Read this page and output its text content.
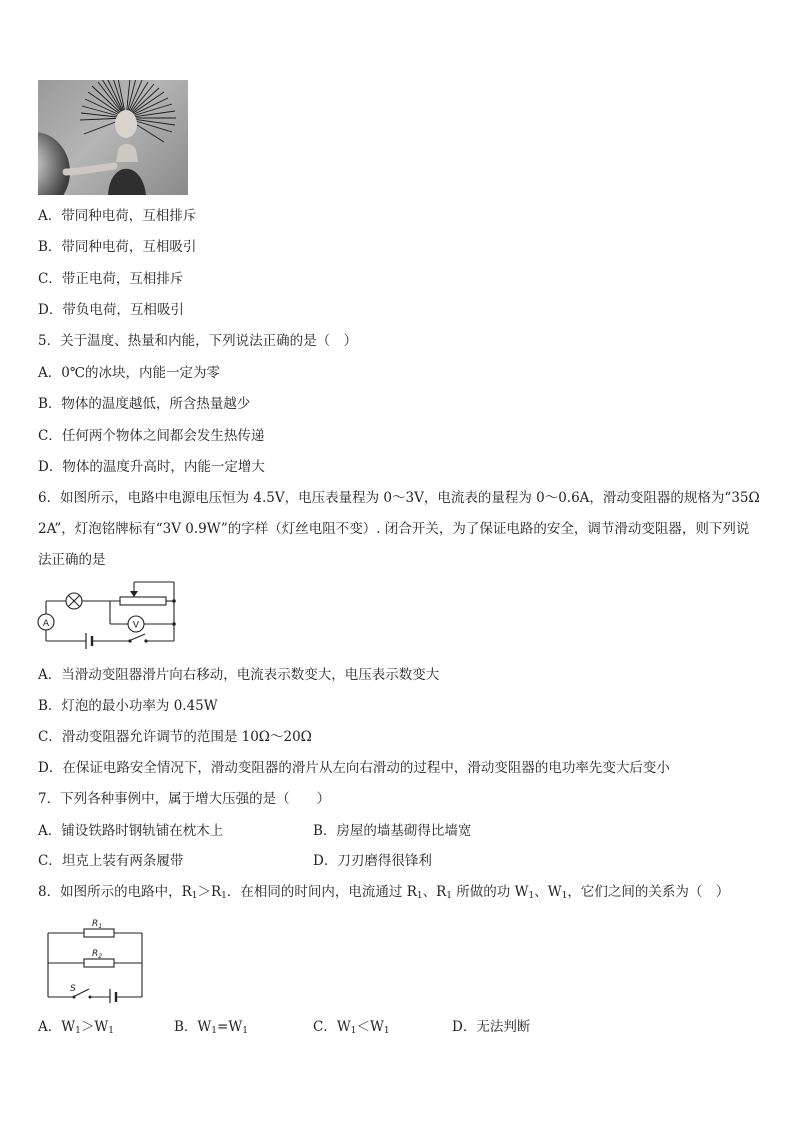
A．带同种电荷，互相排斥
B．带同种电荷，互相吸引
C．带正电荷，互相排斥
D．带负电荷，互相吸引
5．关于温度、热量和内能，下列说法正确的是（　）
A．0℃的冰块，内能一定为零
B．物体的温度越低，所含热量越少
C．任何两个物体之间都会发生热传递
D．物体的温度升高时，内能一定增大
6．如图所示，电路中电源电压恒为 4.5V，电压表量程为 0～3V，电流表的量程为 0～0.6A，滑动变阻器的规格为“35Ω
2A”，灯泡铭牌标有“3V 0.9W”的字样（灯丝电阻不变）. 闭合开关，为了保证电路的安全，调节滑动变阻器，则下列说
法正确的是
A	V
A．当滑动变阻器滑片向右移动，电流表示数变大，电压表示数变大
B．灯泡的最小功率为 0.45W
C．滑动变阻器允许调节的范围是 10Ω～20Ω
D．在保证电路安全情况下，滑动变阻器的滑片从左向右滑动的过程中，滑动变阻器的电功率先变大后变小
7．下列各种事例中，属于增大压强的是（　　）
A．铺设铁路时钢轨铺在枕木上	B．房屋的墙基砌得比墙宽
C．坦克上装有两条履带	D．刀刃磨得很锋利
8．如图所示的电路中，$R_1>R_1$．在相同的时间内，电流通过 $R_1$、$R_1$ 所做的功 $W_1$、$W_1$，它们之间的关系为（　）
$R_1$
$R_2$
S
A．$W_1>W_1$	B．$W_1=W_1$	C．$W_1<W_1$	D．无法判断
